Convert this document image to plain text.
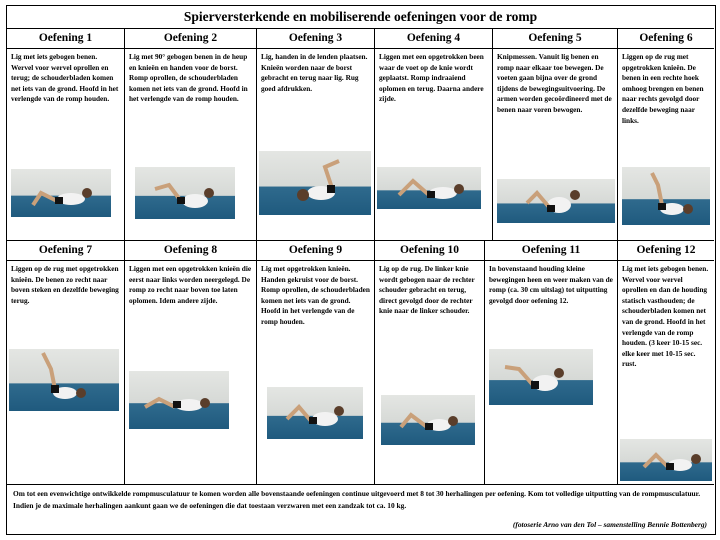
Spierversterkende en mobiliserende oefeningen voor de romp
Oefening 1
Lig met iets gebogen benen. Wervel voor wervel oprollen en terug; de schouderbladen komen net iets van de grond. Hoofd in het verlengde van de romp houden.
Oefening 2
Lig met 90° gebogen benen in de heup en knieën en handen voor de borst. Romp oprollen, de schouderbladen komen net iets van de grond. Hoofd in het verlengde van de romp houden.
Oefening 3
Lig, handen in de lenden plaatsen. Knieën worden naar de borst gebracht en terug naar lig. Rug goed afdrukken.
Oefening 4
Liggen met een opgetrokken been waar de voet op de knie wordt geplaatst. Romp indraaiend oplomen en terug. Daarna andere zijde.
Oefening 5
Knipmessen. Vanuit lig benen en romp naar elkaar toe bewegen. De voeten gaan bijna over de grond tijdens de bewegingsuitvoering. De armen worden gecoördineerd met de benen naar voren bewogen.
Oefening 6
Liggen op de rug met opgetrokken knieën. De benen in een rechte hoek omhoog brengen en benen naar rechts gevolgd door dezelfde beweging naar links.
Oefening 7
Liggen op de rug met opgetrokken knieën. De benen zo recht naar boven steken en dezelfde beweging terug.
Oefening 8
Liggen met een opgetrokken knieën die eerst naar links worden neergelegd. De romp zo recht naar boven toe laten oplomen. Idem andere zijde.
Oefening 9
Lig met opgetrokken knieën. Handen gekruist voor de borst. Romp oprollen, de schouderbladen komen net iets van de grond. Hoofd in het verlengde van de romp houden.
Oefening 10
Lig op de rug. De linker knie wordt gebogen naar de rechter schouder gebracht en terug, direct gevolgd door de rechter knie naar de linker schouder.
Oefening 11
In bovenstaand houding kleine bewegingen heen en weer maken van de romp (ca. 30 cm uitslag) tot uitputting gevolgd door oefening 12.
Oefening 12
Lig met iets gebogen benen. Wervel voor wervel oprollen en dan de houding statisch vasthouden; de schouderbladen komen net van de grond. Hoofd in het verlengde van de romp houden. (3 keer 10-15 sec. elke keer met 10-15 sec. rust.
Om tot een evenwichtige ontwikkelde rompmusculatuur te komen worden alle bovenstaande oefeningen continue uitgevoerd met 8 tot 30 herhalingen per oefening. Kom tot volledige uitputting van de rompmusculatuur. Indien je de maximale herhalingen aankunt gaan we de oefeningen die dat toestaan verzwaren met een zandzak tot ca. 10 kg.
(fotoserie Arno van den Tol – samenstelling Bennie Bottenberg)
